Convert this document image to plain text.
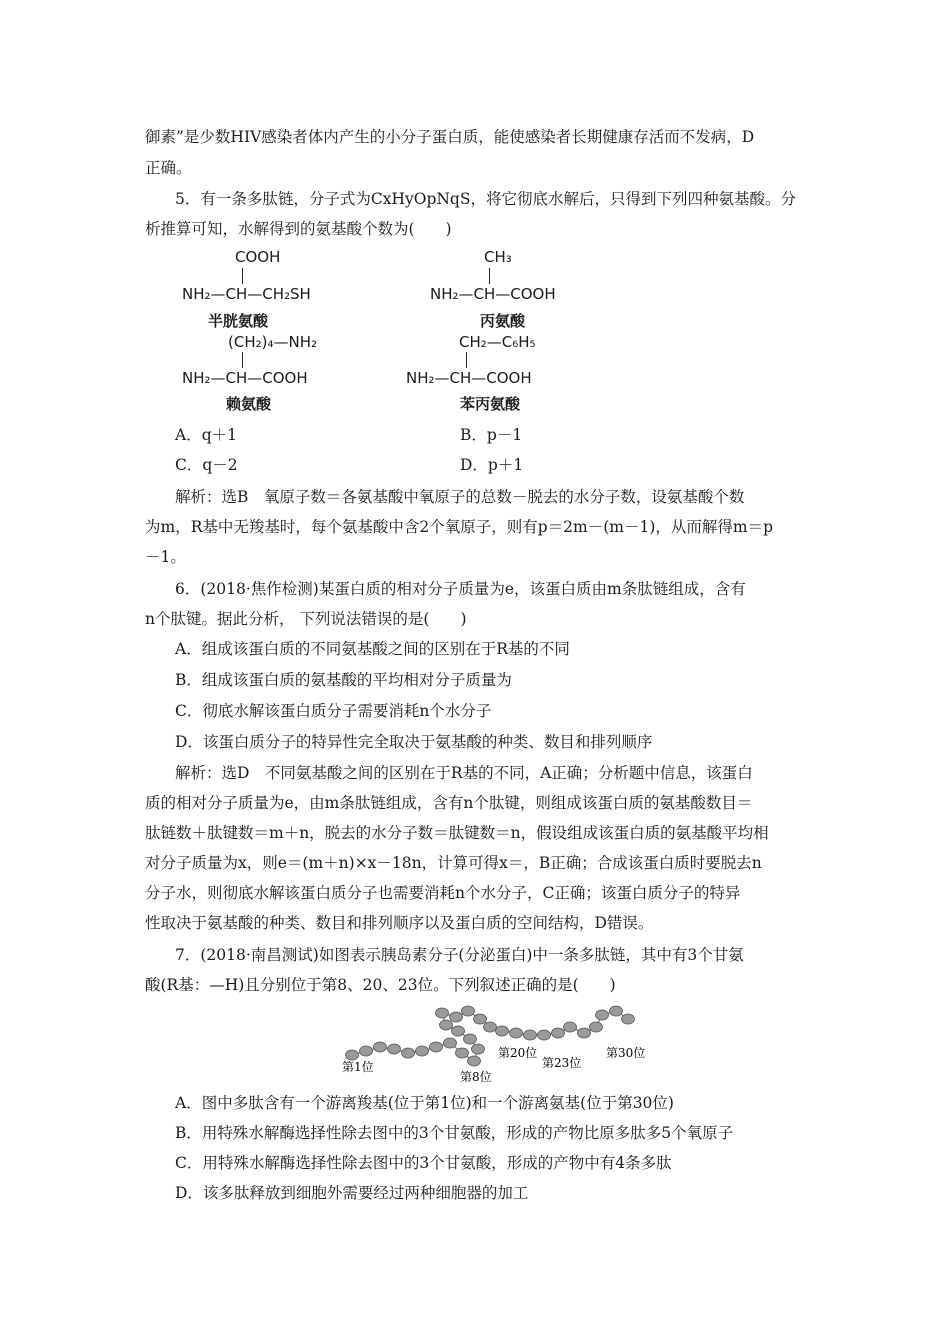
御素”是少数HIV感染者体内产生的小分子蛋白质，能使感染者长期健康存活而不发病，D
正确。
5．有一条多肽链，分子式为CxHyOpNqS，将它彻底水解后，只得到下列四种氨基酸。分
析推算可知，水解得到的氨基酸个数为(　　)
COOH
NH₂—CH—CH₂SH
半胱氨酸
CH₃
NH₂—CH—COOH
丙氨酸
(CH₂)₄—NH₂
NH₂—CH—COOH
赖氨酸
CH₂—C₆H₅
NH₂—CH—COOH
苯丙氨酸
A．q＋1	B．p－1
C．q－2	D．p＋1
解析：选B　氧原子数＝各氨基酸中氧原子的总数－脱去的水分子数，设氨基酸个数
为m，R基中无羧基时，每个氨基酸中含2个氧原子，则有p＝2m－(m－1)，从而解得m＝p
－1。
6．(2018·焦作检测)某蛋白质的相对分子质量为e，该蛋白质由m条肽链组成，含有
n个肽键。据此分析， 下列说法错误的是(　　)
A．组成该蛋白质的不同氨基酸之间的区别在于R基的不同
B．组成该蛋白质的氨基酸的平均相对分子质量为
C．彻底水解该蛋白质分子需要消耗n个水分子
D．该蛋白质分子的特异性完全取决于氨基酸的种类、数目和排列顺序
解析：选D　不同氨基酸之间的区别在于R基的不同，A正确；分析题中信息，该蛋白
质的相对分子质量为e，由m条肽链组成，含有n个肽键，则组成该蛋白质的氨基酸数目＝
肽链数＋肽键数＝m＋n，脱去的水分子数＝肽键数＝n，假设组成该蛋白质的氨基酸平均相
对分子质量为x，则e＝(m＋n)×x－18n，计算可得x＝，B正确；合成该蛋白质时要脱去n
分子水，则彻底水解该蛋白质分子也需要消耗n个水分子，C正确；该蛋白质分子的特异
性取决于氨基酸的种类、数目和排列顺序以及蛋白质的空间结构，D错误。
7．(2018·南昌测试)如图表示胰岛素分子(分泌蛋白)中一条多肽链，其中有3个甘氨
酸(R基：—H)且分别位于第8、20、23位。下列叙述正确的是(　　)
第1位
第8位
第20位
第23位
第30位
A．图中多肽含有一个游离羧基(位于第1位)和一个游离氨基(位于第30位)
B．用特殊水解酶选择性除去图中的3个甘氨酸，形成的产物比原多肽多5个氧原子
C．用特殊水解酶选择性除去图中的3个甘氨酸，形成的产物中有4条多肽
D．该多肽释放到细胞外需要经过两种细胞器的加工
